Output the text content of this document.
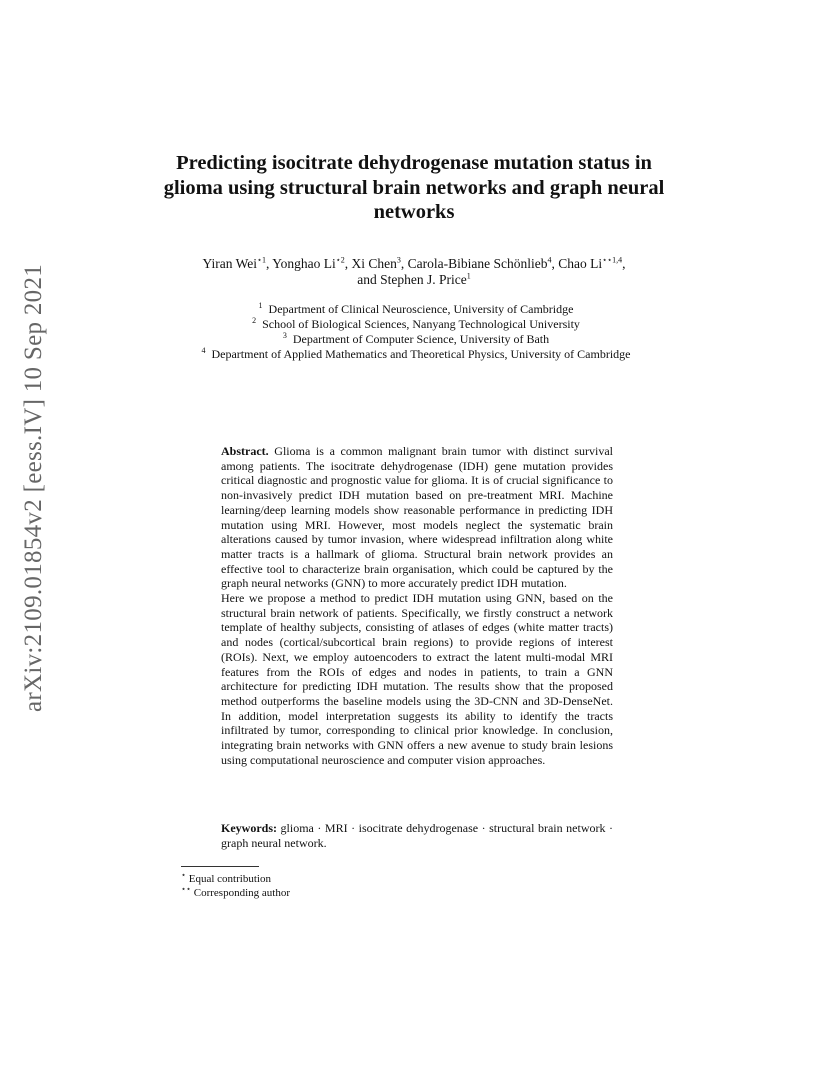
arXiv:2109.01854v2 [eess.IV] 10 Sep 2021
Predicting isocitrate dehydrogenase mutation status in glioma using structural brain networks and graph neural networks
Yiran Wei$^{⋆1}$, Yonghao $Li^{⋆2}$, Xi Chen$^3$, Carola-Bibiane Schönlieb$^4$, Chao $Li^{⋆⋆1,4}$, and Stephen J. Price$^1$
$^1$ Department of Clinical Neuroscience, University of Cambridge
$^2$ School of Biological Sciences, Nanyang Technological University
$^3$ Department of Computer Science, University of Bath
$^4$ Department of Applied Mathematics and Theoretical Physics, University of Cambridge

Abstract. Glioma is a common malignant brain tumor with distinct survival among patients. The isocitrate dehydrogenase (IDH) gene mutation provides critical diagnostic and prognostic value for glioma. It is of crucial significance to non-invasively predict IDH mutation based on pre-treatment MRI. Machine learning/deep learning models show reasonable performance in predicting IDH mutation using MRI. However, most models neglect the systematic brain alterations caused by tumor invasion, where widespread infiltration along white matter tracts is a hallmark of glioma. Structural brain network provides an effective tool to characterize brain organisation, which could be captured by the graph neural networks (GNN) to more accurately predict IDH mutation.

Here we propose a method to predict IDH mutation using GNN, based on the structural brain network of patients. Specifically, we firstly construct a network template of healthy subjects, consisting of atlases of edges (white matter tracts) and nodes (cortical/subcortical brain regions) to provide regions of interest (ROIs). Next, we employ autoencoders to extract the latent multi-modal MRI features from the ROIs of edges and nodes in patients, to train a GNN architecture for predicting IDH mutation. The results show that the proposed method outperforms the baseline models using the 3D-CNN and 3D-DenseNet. In addition, model interpretation suggests its ability to identify the tracts infiltrated by tumor, corresponding to clinical prior knowledge. In conclusion, integrating brain networks with GNN offers a new avenue to study brain lesions using computational neuroscience and computer vision approaches.

Keywords: glioma · MRI · isocitrate dehydrogenase · structural brain network · graph neural network.
⋆ Equal contribution
⋆⋆ Corresponding author
